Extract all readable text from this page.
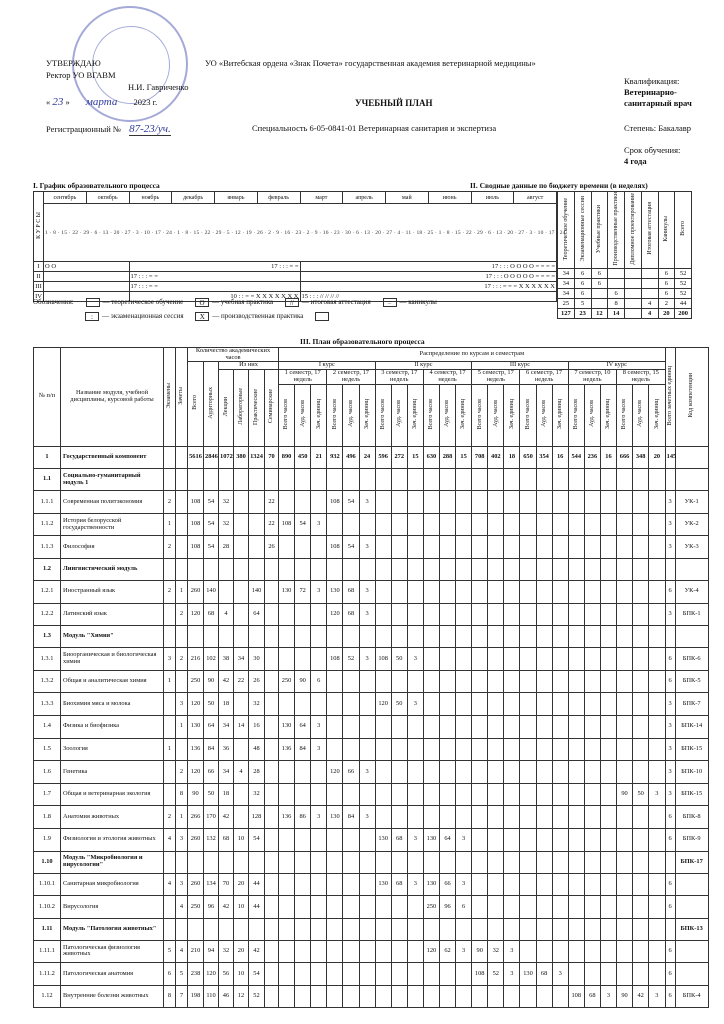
УТВЕРЖДАЮ
Ректор УО ВГАВМ
Н.И. Гавриченко
« 23 » марта 2023 г.
Регистрационный № 87-23/уч.
УО «Витебская ордена «Знак Почета» государственная академия ветеринарной медицины»
УЧЕБНЫЙ ПЛАН
Специальность 6-05-0841-01 Ветеринарная санитария и экспертиза
Квалификация:
Ветеринарно-
санитарный врач
Степень: Бакалавр
Срок обучения:
4 года
I. График образовательного процесса	II. Сводные данные по бюджету времени (в неделях)
К У Р С Ы	сентябрь	октябрь	ноябрь	декабрь	январь	февраль	март	апрель	май	июнь	июль	август
	1 · 8 · 15 · 22 · 29 · 6 · 13 · 20 · 27 · 3 · 10 · 17 · 24 · 1 · 8 · 15 · 22 · 29 · 5 · 12 · 19 · 26 · 2 · 9 · 16 · 23 · 2 · 9 · 16 · 23 · 30 · 6 · 13 · 20 · 27 · 4 · 11 · 18 · 25 · 1 · 8 · 15 · 22 · 29 · 6 · 13 · 20 · 27 · 3 · 10 · 17 · 24											
I	О О		17 : : : = =				17 : : : О О О О = = = =					
II			17 : : : = =				17 : : : О О О О О = = = =					
III			17 : : : = =				17 : : : = = = X X X X X X					
IV			10 : : = = X X X X X X X				15 : : : // // // //					
Теоретическое обучение	Экзаменационные сессии	Учебные практики	Производственные практики	Дипломное проектирование	Итоговая аттестация	Каникулы	Всего
34	6	6				6	52
34	6	6				6	52
34	6		6			6	52
25	5		8		4	2	44
127	23	12	14		4	20	200
Обозначения:	— теоретическое обучение О — учебная практика // — итоговая аттестация = — каникулы
: — экзаменационная сессия X — производственная практика
III. План образовательного процесса
№ п/п	Название модуля, учебной дисциплины, курсовой работы	Экзамены	Зачеты	Количество академических часов						Распределение по курсам и семестрам																								Всего зачетных единиц	Код компетенции
				Всего	Аудиторных	Из них				I курс						II курс						III курс						IV курс							
						Лекции	Лабораторные	Практические	Семинарские	1 семестр, 17 недель			2 семестр, 17 недель			3 семестр, 17 недель			4 семестр, 17 недель			5 семестр, 17 недель			6 семестр, 17 недель			7 семестр, 10 недель			8 семестр, 15 недель				
										Всего часов	Ауд. часов	Зач. единиц	Всего часов	Ауд. часов	Зач. единиц	Всего часов	Ауд. часов	Зач. единиц	Всего часов	Ауд. часов	Зач. единиц	Всего часов	Ауд. часов	Зач. единиц	Всего часов	Ауд. часов	Зач. единиц	Всего часов	Ауд. часов	Зач. единиц	Всего часов	Ауд. часов	Зач. единиц		
1	Государственный компонент			5616	2846	1072	380	1324	70	890	450	21	932	496	24	596	272	15	630	288	15	708	402	18	650	354	16	544	236	16	666	348	20	145	
1.1	Социально-гуманитарный модуль 1																																		
1.1.1	Современная политэкономия	2		108	54	32			22				108	54	3																			3	УК-1
1.1.2	История белорусской государственности	1		108	54	32			22	108	54	3																						3	УК-2
1.1.3	Философия	2		108	54	28			26				108	54	3																			3	УК-3
1.2	Лингвистический модуль																																		
1.2.1	Иностранный язык	2	1	260	140			140		130	72	3	130	68	3																			6	УК-4
1.2.2	Латинский язык		2	120	68	4		64					120	68	3																			3	БПК-1
1.3	Модуль "Химия"																																		
1.3.1	Биоорганическая и биологическая химия	3	2	216	102	38	34	30					108	52	3	108	50	3																6	БПК-6
1.3.2	Общая и аналитическая химия	1		250	90	42	22	26		250	90	6																						6	БПК-5
1.3.3	Биохимия мяса и молока		3	120	50	18		32								120	50	3																3	БПК-7
1.4	Физика и биофизика		1	130	64	34	14	16		130	64	3																						3	БПК-14
1.5	Зоология	1		136	84	36		48		136	84	3																						3	БПК-15
1.6	Генетика		2	120	66	34	4	28					120	66	3																			3	БПК-10
1.7	Общая и ветеринарная экология		8	90	50	18		32																							90	50	3	3	БПК-15
1.8	Анатомия животных	2	1	266	170	42		128		136	86	3	130	84	3																			6	БПК-8
1.9	Физиология и этология животных	4	3	260	132	68	10	54								130	68	3	130	64	3													6	БПК-9
1.10	Модуль "Микробиология и вирусологии"																																		БПК-17
1.10.1	Санитарная микробиология	4	3	260	134	70	20	44								130	68	3	130	66	3													6	
1.10.2	Вирусология		4	250	96	42	10	44											250	96	6													6	
1.11	Модуль "Патология животных"																																		БПК-13
1.11.1	Патологическая физиология животных	5	4	210	94	32	20	42											120	62	3	90	32	3										6	
1.11.2	Патологическая анатомия	6	5	238	120	56	10	54														108	52	3	130	68	3							6	
1.12	Внутренние болезни животных	8	7	198	110	46	12	52																				108	68	3	90	42	3	6	БПК-4
